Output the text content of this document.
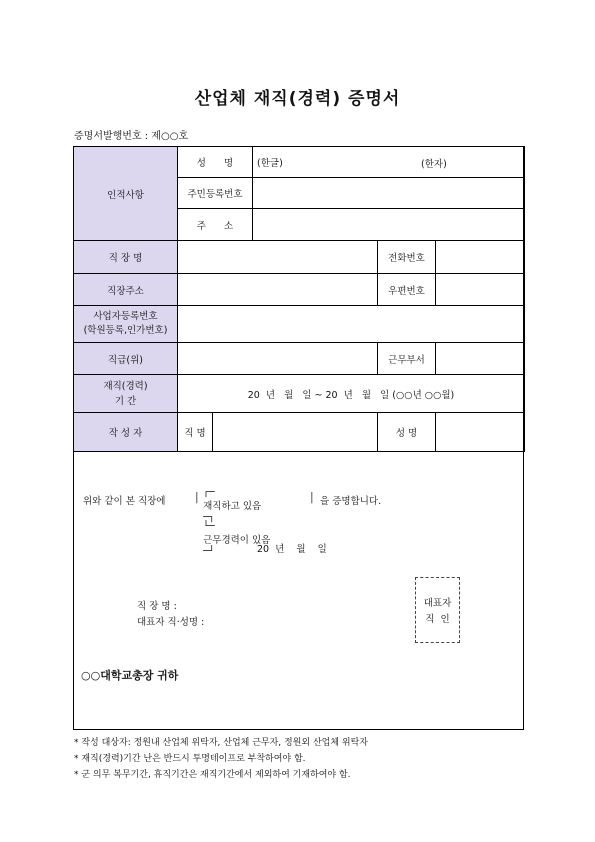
산업체 재직(경력) 증명서
증명서발행번호 : 제○○호
인적사항	성      명		(한글) (한자)		

	주민등록번호				
	주      소				
직 장 명				전화번호	
직장주소				우편번호	

사업자등록번호
(학원등록,인가번호)					

직급(위)				근무부서	

재직(경력)
기 간	20  년   월   일 ~ 20  년   월   일 (○○년 ○○월)				
작 성 자	직 명			성 명	

┌─
재직하고 있음
─┐

위와 같이 본 직장에	│	│ 을 증명합니다.

└─
근무경력이 있음
─┘
	20  년    월    일
직 장 명 :
대표자 직·성명 :
○○대학교총장 귀하
대표자
직  인
* 작성 대상자: 정원내 산업체 위탁자, 산업체 근무자, 정원외 산업체 위탁자
* 재직(경력)기간 난은 반드시 투명테이프로 부착하여야 함.
* 군 의무 복무기간, 휴직기간은 재직기간에서 제외하여 기재하여야 함.
